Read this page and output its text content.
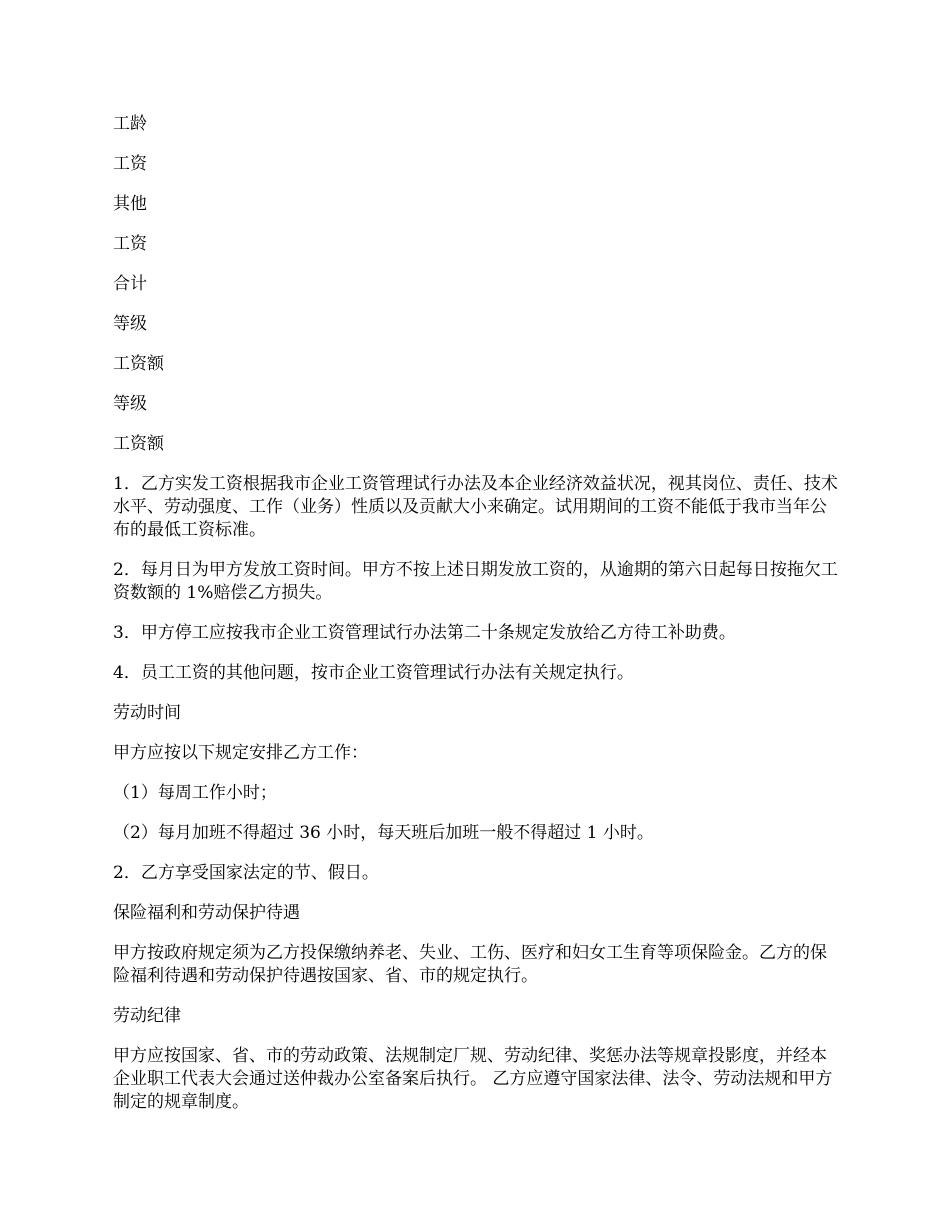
工龄

工资

其他

工资

合计

等级

工资额

等级

工资额

1．乙方实发工资根据我市企业工资管理试行办法及本企业经济效益状况，视其岗位、责任、技术水平、劳动强度、工作（业务）性质以及贡献大小来确定。试用期间的工资不能低于我市当年公布的最低工资标准。

2．每月日为甲方发放工资时间。甲方不按上述日期发放工资的，从逾期的第六日起每日按拖欠工资数额的 1%赔偿乙方损失。

3．甲方停工应按我市企业工资管理试行办法第二十条规定发放给乙方待工补助费。

4．员工工资的其他问题，按市企业工资管理试行办法有关规定执行。

劳动时间

甲方应按以下规定安排乙方工作：

（1）每周工作小时；

（2）每月加班不得超过 36 小时，每天班后加班一般不得超过 1 小时。

2．乙方享受国家法定的节、假日。

保险福利和劳动保护待遇

甲方按政府规定须为乙方投保缴纳养老、失业、工伤、医疗和妇女工生育等项保险金。乙方的保险福利待遇和劳动保护待遇按国家、省、市的规定执行。

劳动纪律

甲方应按国家、省、市的劳动政策、法规制定厂规、劳动纪律、奖惩办法等规章投影度，并经本企业职工代表大会通过送仲裁办公室备案后执行。 乙方应遵守国家法律、法令、劳动法规和甲方制定的规章制度。
